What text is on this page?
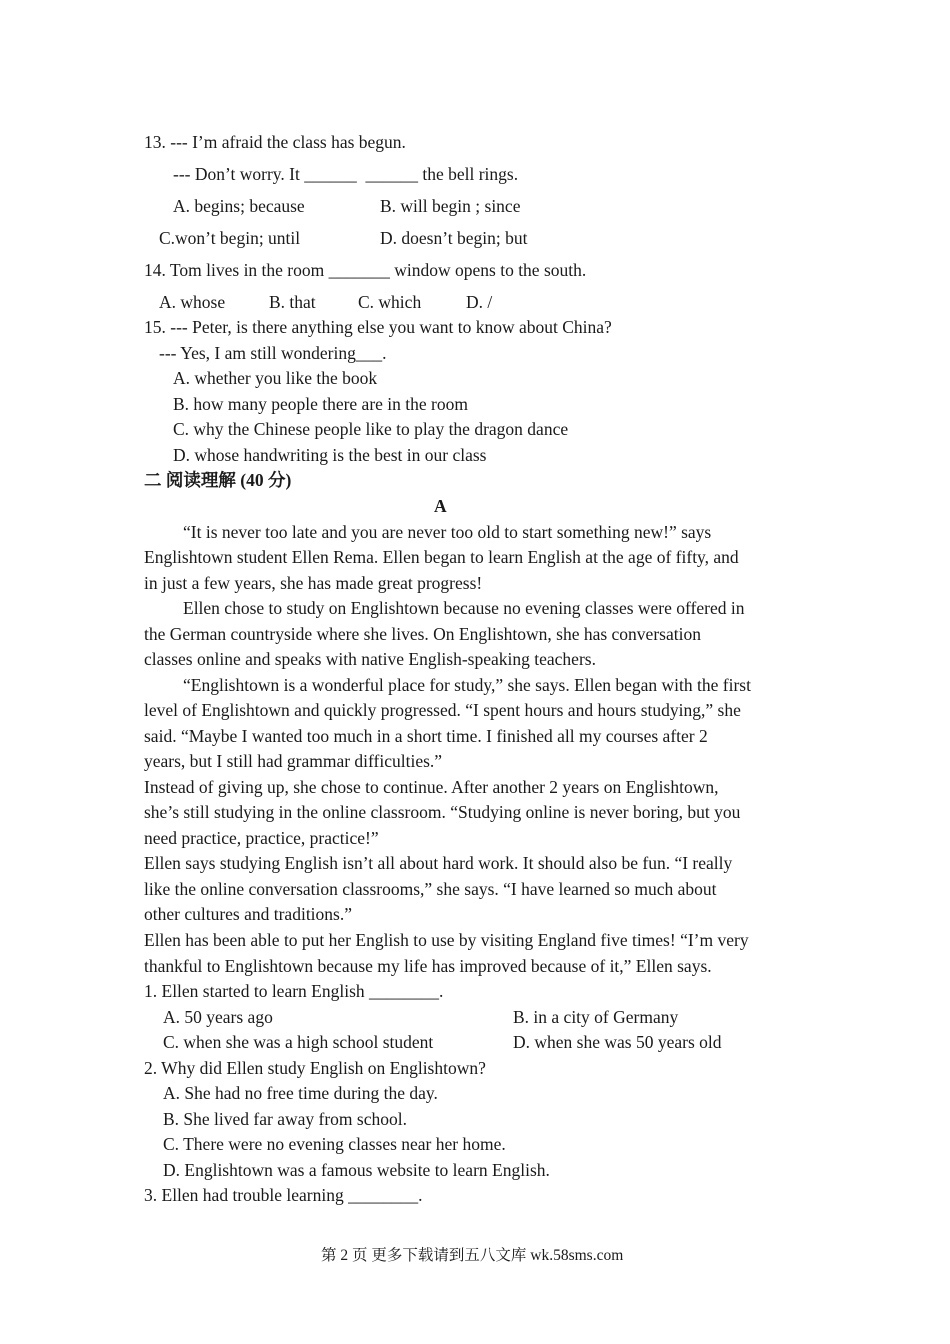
13. --- I’m afraid the class has begun.
--- Don’t worry. It ______  ______ the bell rings.
A. begins; because	B. will begin ; since
C.won’t begin; until	D. doesn’t begin; but
14. Tom lives in the room _______ window opens to the south.
A. whose	B. that C. which	D. /
15. --- Peter, is there anything else you want to know about China?
--- Yes, I am still wondering___.
A. whether you like the book
B. how many people there are in the room
C. why the Chinese people like to play the dragon dance
D. whose handwriting is the best in our class
二 阅读理解 (40 分)
A
“It is never too late and you are never too old to start something new!” says
Englishtown student Ellen Rema. Ellen began to learn English at the age of fifty, and
in just a few years, she has made great progress!
Ellen chose to study on Englishtown because no evening classes were offered in
the German countryside where she lives. On Englishtown, she has conversation
classes online and speaks with native English-speaking teachers.
“Englishtown is a wonderful place for study,” she says. Ellen began with the first
level of Englishtown and quickly progressed. “I spent hours and hours studying,” she
said. “Maybe I wanted too much in a short time. I finished all my courses after 2
years, but I still had grammar difficulties.”
Instead of giving up, she chose to continue. After another 2 years on Englishtown,
she’s still studying in the online classroom. “Studying online is never boring, but you
need practice, practice, practice!”
Ellen says studying English isn’t all about hard work. It should also be fun. “I really
like the online conversation classrooms,” she says. “I have learned so much about
other cultures and traditions.”
Ellen has been able to put her English to use by visiting England five times! “I’m very
thankful to Englishtown because my life has improved because of it,” Ellen says.
1. Ellen started to learn English ________.
A. 50 years ago	B. in a city of Germany
C. when she was a high school student	D. when she was 50 years old
2. Why did Ellen study English on Englishtown?
A. She had no free time during the day.
B. She lived far away from school.
C. There were no evening classes near her home.
D. Englishtown was a famous website to learn English.
3. Ellen had trouble learning ________.
第 2 页 更多下载请到五八文库 wk.58sms.com
